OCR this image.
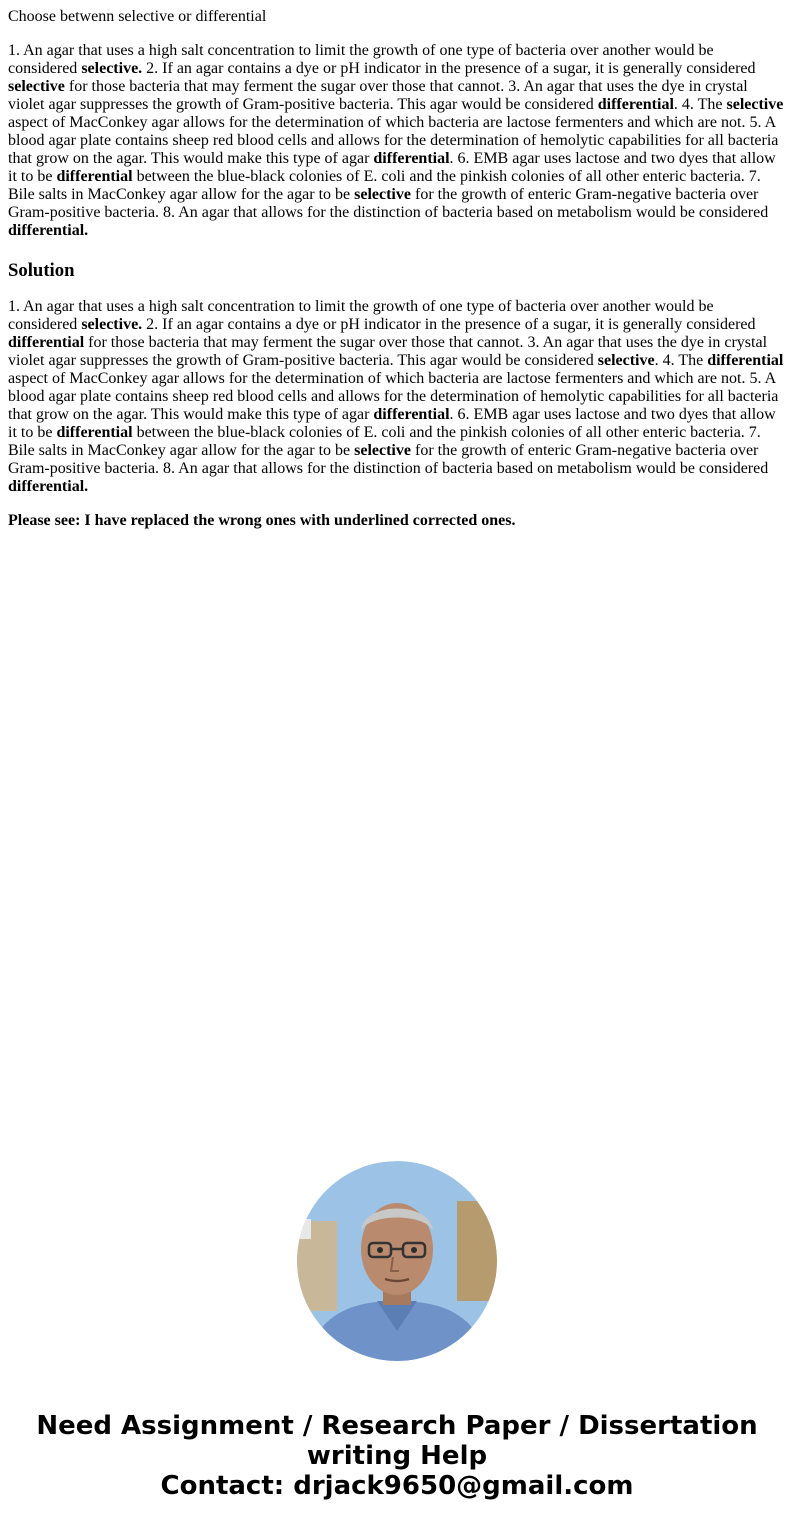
Choose betwenn selective or differential

1. An agar that uses a high salt concentration to limit the growth of one type of bacteria over another would be considered selective. 2. If an agar contains a dye or pH indicator in the presence of a sugar, it is generally considered selective for those bacteria that may ferment the sugar over those that cannot. 3. An agar that uses the dye in crystal violet agar suppresses the growth of Gram-positive bacteria. This agar would be considered differential. 4. The selective aspect of MacConkey agar allows for the determination of which bacteria are lactose fermenters and which are not. 5. A blood agar plate contains sheep red blood cells and allows for the determination of hemolytic capabilities for all bacteria that grow on the agar. This would make this type of agar differential. 6. EMB agar uses lactose and two dyes that allow it to be differential between the blue-black colonies of E. coli and the pinkish colonies of all other enteric bacteria. 7. Bile salts in MacConkey agar allow for the agar to be selective for the growth of enteric Gram-negative bacteria over Gram-positive bacteria. 8. An agar that allows for the distinction of bacteria based on metabolism would be considered differential.

Solution

1. An agar that uses a high salt concentration to limit the growth of one type of bacteria over another would be considered selective. 2. If an agar contains a dye or pH indicator in the presence of a sugar, it is generally considered differential for those bacteria that may ferment the sugar over those that cannot. 3. An agar that uses the dye in crystal violet agar suppresses the growth of Gram-positive bacteria. This agar would be considered selective. 4. The differential aspect of MacConkey agar allows for the determination of which bacteria are lactose fermenters and which are not. 5. A blood agar plate contains sheep red blood cells and allows for the determination of hemolytic capabilities for all bacteria that grow on the agar. This would make this type of agar differential. 6. EMB agar uses lactose and two dyes that allow it to be differential between the blue-black colonies of E. coli and the pinkish colonies of all other enteric bacteria. 7. Bile salts in MacConkey agar allow for the agar to be selective for the growth of enteric Gram-negative bacteria over Gram-positive bacteria. 8. An agar that allows for the distinction of bacteria based on metabolism would be considered differential.

Please see: I have replaced the wrong ones with underlined corrected ones.

Need Assignment / Research Paper / Dissertation
writing Help
Contact: drjack9650@gmail.com
